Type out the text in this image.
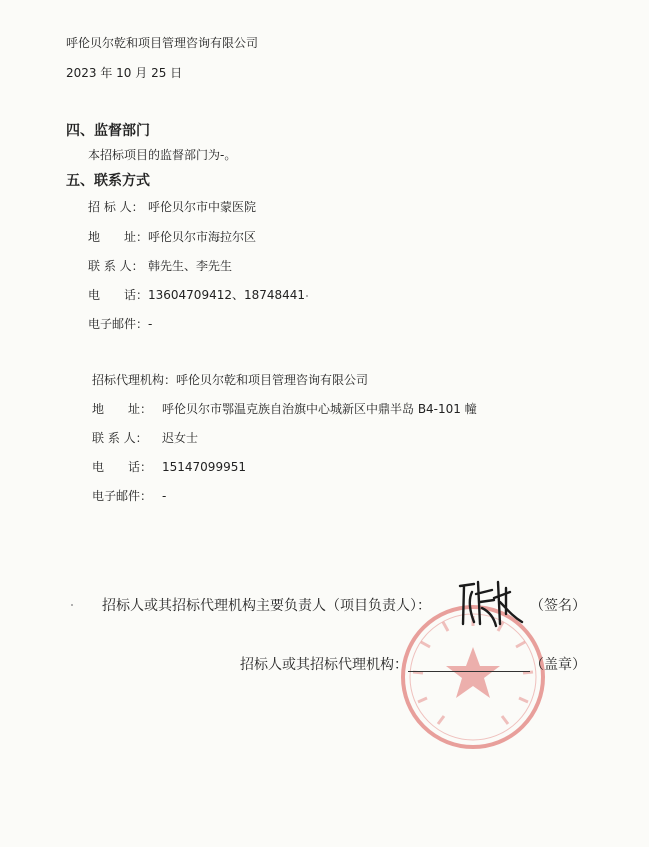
呼伦贝尔乾和项目管理咨询有限公司
2023 年 10 月 25 日
四、监督部门
本招标项目的监督部门为-。
五、联系方式
招 标 人： 呼伦贝尔市中蒙医院
地　　址：呼伦贝尔市海拉尔区
联 系 人： 韩先生、李先生
电　　话：13604709412、18748441
电子邮件：-
招标代理机构：呼伦贝尔乾和项目管理咨询有限公司
地　　址： 呼伦贝尔市鄂温克族自治旗中心城新区中鼎半岛 B4-101 幢
联 系 人： 迟女士
电　　话： 15147099951
电子邮件： -
招标人或其招标代理机构主要负责人（项目负责人）：	（签名）
招标人或其招标代理机构：	（盖章）
